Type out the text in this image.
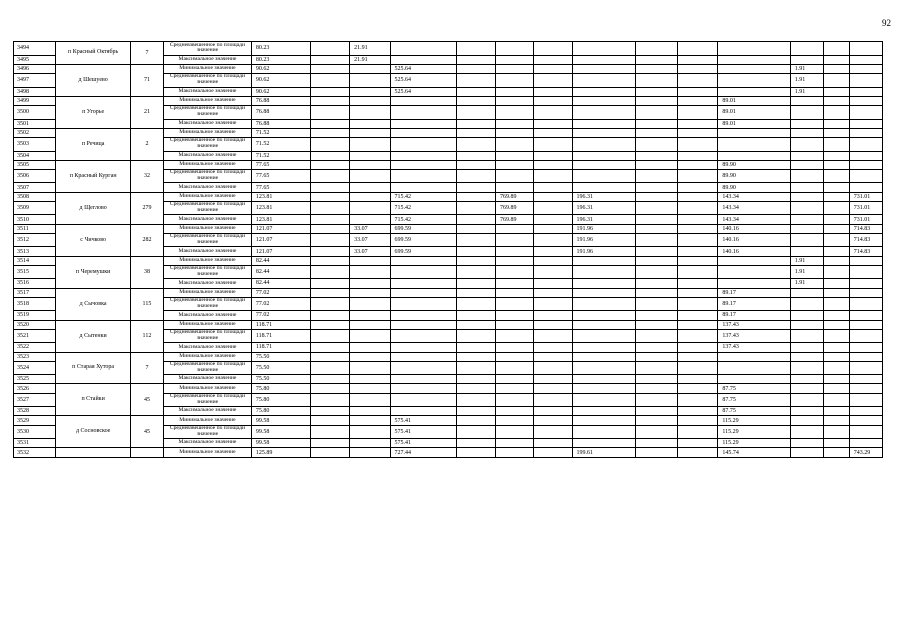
92
3494	п Красный Октябрь	7	Средневзвешенное по площади значение	80.23		21.91											
3495			Максимальное значение	80.23		21.91											
3496	д Шешуево	71	Минимальное значение	90.62			525.64								1.91		
3497			Средневзвешенное по площади значение	90.62			525.64								1.91		
3498			Максимальное значение	90.62			525.64								1.91		
3499	п Угорье	21	Минимальное значение	76.88										89.01			
3500			Средневзвешенное по площади значение	76.88										89.01			
3501			Максимальное значение	76.88										89.01			
3502	п Речица	2	Минимальное значение	71.52													
3503			Средневзвешенное по площади значение	71.52													
3504			Максимальное значение	71.52													
3505	п Красный Курган	32	Минимальное значение	77.65										89.90			
3506			Средневзвешенное по площади значение	77.65										89.90			
3507			Максимальное значение	77.65										89.90			
3508	д Щеглово	279	Минимальное значение	123.81			715.42		769.89		196.31			143.34			731.01
3509			Средневзвешенное по площади значение	123.81			715.42		769.89		196.31			143.34			731.01
3510			Максимальное значение	123.81			715.42		769.89		196.31			143.34			731.01
3511	с Чичково	282	Минимальное значение	121.07		33.07	699.59				191.96			140.16			714.83
3512			Средневзвешенное по площади значение	121.07		33.07	699.59				191.96			140.16			714.83
3513			Максимальное значение	121.07		33.07	699.59				191.96			140.16			714.83
3514	п Черемушки	38	Минимальное значение	82.44											1.91		
3515			Средневзвешенное по площади значение	82.44											1.91		
3516			Максимальное значение	82.44											1.91		
3517	д Сычовка	115	Минимальное значение	77.02										89.17			
3518			Средневзвешенное по площади значение	77.02										89.17			
3519			Максимальное значение	77.02										89.17			
3520	д Сытенки	112	Минимальное значение	118.71										137.43			
3521			Средневзвешенное по площади значение	118.71										137.43			
3522			Максимальное значение	118.71										137.43			
3523	п Старая Хутора	7	Минимальное значение	75.50													
3524			Средневзвешенное по площади значение	75.50													
3525			Максимальное значение	75.50													
3526	п Стайки	45	Минимальное значение	75.80										87.75			
3527			Средневзвешенное по площади значение	75.80										87.75			
3528			Максимальное значение	75.80										87.75			
3529	д Сосновское	45	Минимальное значение	99.58			575.41							115.29			
3530			Средневзвешенное по площади значение	99.58			575.41							115.29			
3531			Максимальное значение	99.58			575.41							115.29			
3532			Минимальное значение	125.89			727.44				199.61			145.74			743.29
